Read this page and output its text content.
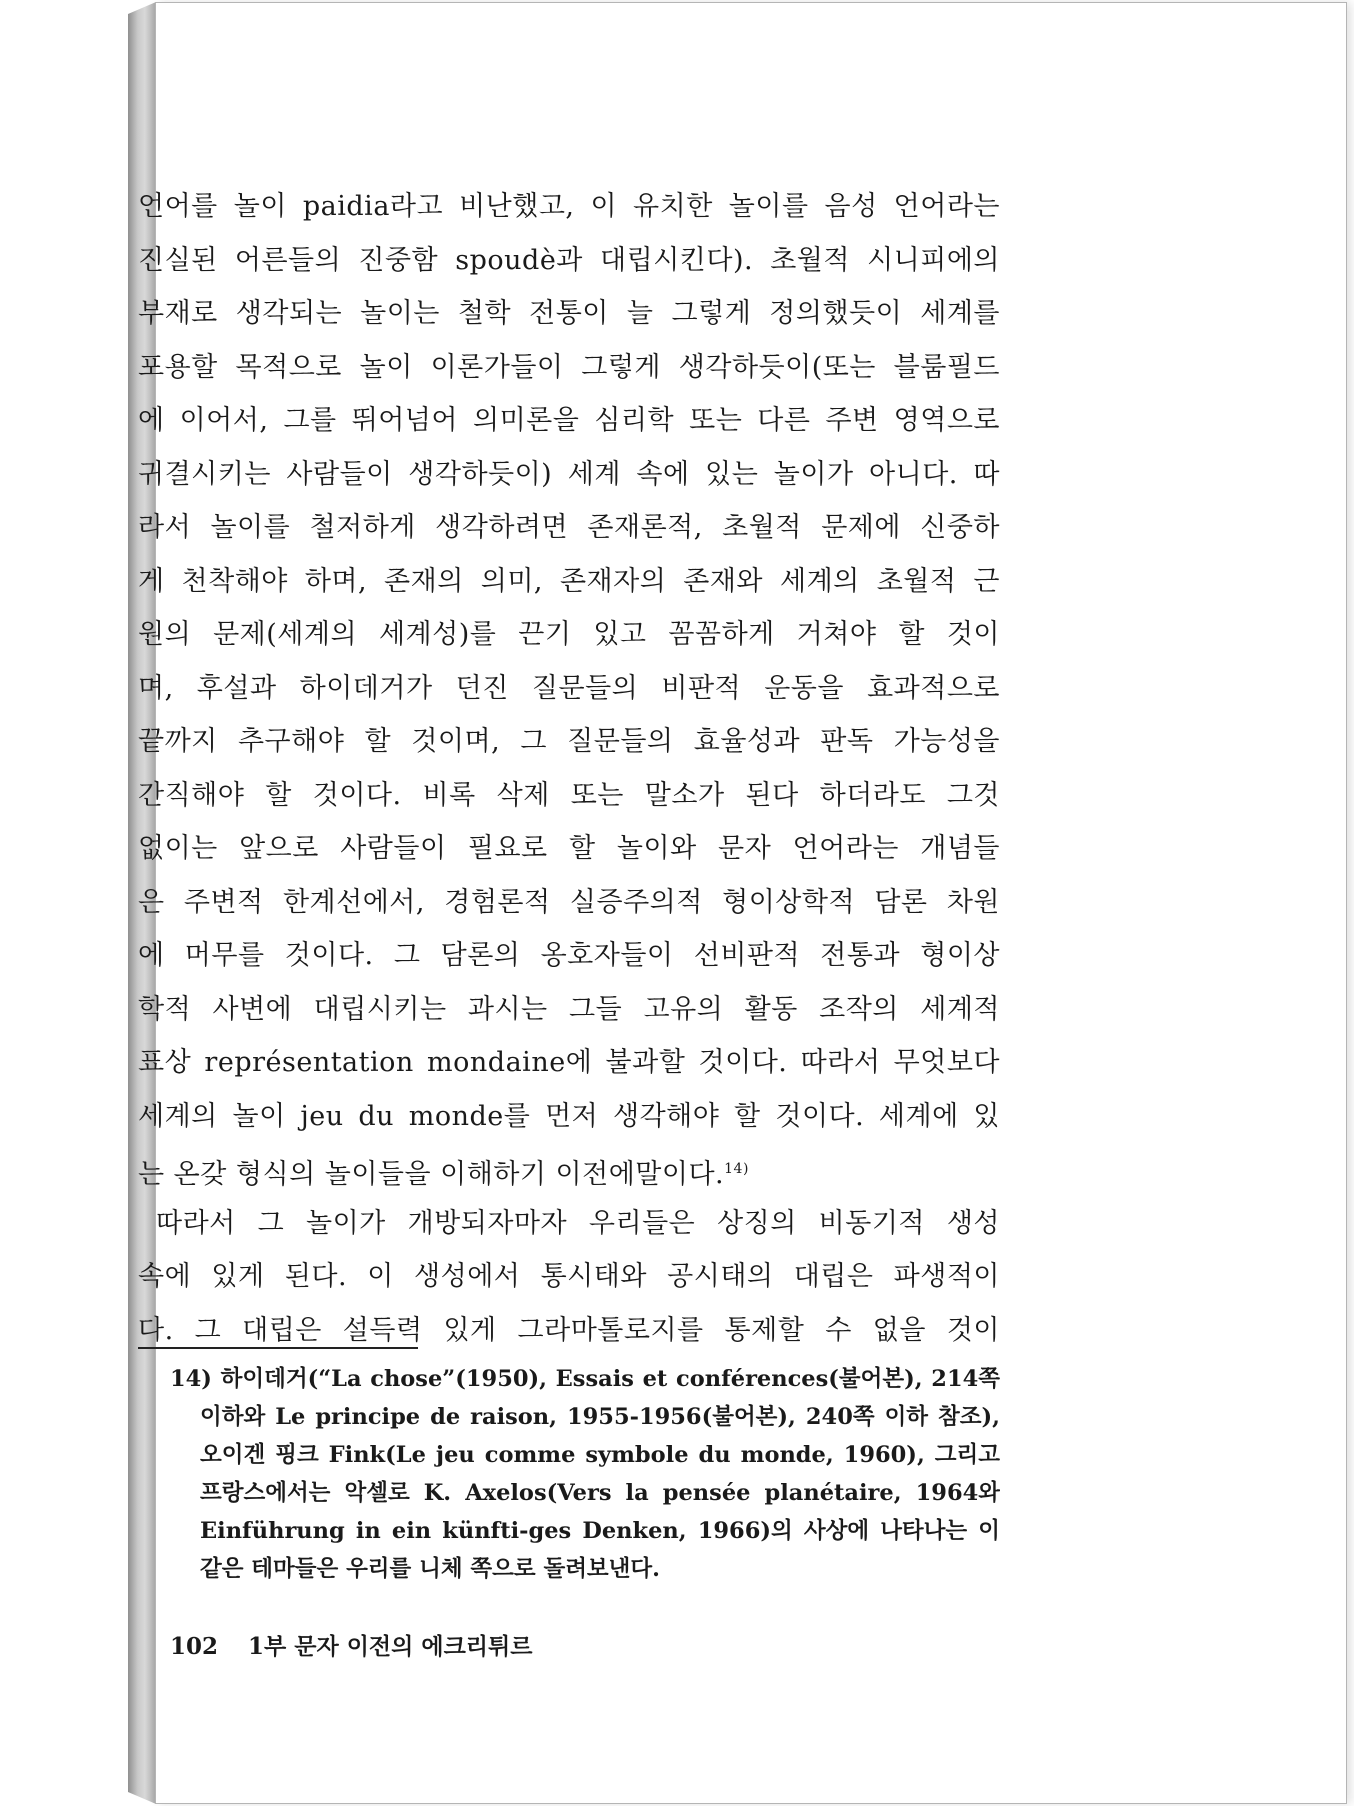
언어를 놀이 paidia라고 비난했고, 이 유치한 놀이를 음성 언어라는
진실된 어른들의 진중함 spoudè과 대립시킨다). 초월적 시니피에의
부재로 생각되는 놀이는 철학 전통이 늘 그렇게 정의했듯이 세계를
포용할 목적으로 놀이 이론가들이 그렇게 생각하듯이(또는 블룸필드
에 이어서, 그를 뛰어넘어 의미론을 심리학 또는 다른 주변 영역으로
귀결시키는 사람들이 생각하듯이) 세계 속에 있는 놀이가 아니다. 따
라서 놀이를 철저하게 생각하려면 존재론적, 초월적 문제에 신중하
게 천착해야 하며, 존재의 의미, 존재자의 존재와 세계의 초월적 근
원의 문제(세계의 세계성)를 끈기 있고 꼼꼼하게 거쳐야 할 것이
며, 후설과 하이데거가 던진 질문들의 비판적 운동을 효과적으로
끝까지 추구해야 할 것이며, 그 질문들의 효율성과 판독 가능성을
간직해야 할 것이다. 비록 삭제 또는 말소가 된다 하더라도 그것
없이는 앞으로 사람들이 필요로 할 놀이와 문자 언어라는 개념들
은 주변적 한계선에서, 경험론적 실증주의적 형이상학적 담론 차원
에 머무를 것이다. 그 담론의 옹호자들이 선비판적 전통과 형이상
학적 사변에 대립시키는 과시는 그들 고유의 활동 조작의 세계적
표상 représentation mondaine에 불과할 것이다. 따라서 무엇보다
세계의 놀이 jeu du monde를 먼저 생각해야 할 것이다. 세계에 있
는 온갖 형식의 놀이들을 이해하기 이전에말이다.$^{14)}$
따라서 그 놀이가 개방되자마자 우리들은 상징의 비동기적 생성
속에 있게 된다. 이 생성에서 통시태와 공시태의 대립은 파생적이
다. 그 대립은 설득력 있게 그라마톨로지를 통제할 수 없을 것이
14) 하이데거(“La chose”(1950), Essais et conférences(불어본), 214쪽
이하와 Le principe de raison, 1955-1956(불어본), 240쪽 이하 참조),
오이겐 핑크 Fink(Le jeu comme symbole du monde, 1960), 그리고
프랑스에서는 악셀로 K. Axelos(Vers la pensée planétaire, 1964와
Einführung in ein künfti-ges Denken, 1966)의 사상에 나타나는 이
같은 테마들은 우리를 니체 쪽으로 돌려보낸다.
102 1부 문자 이전의 에크리튀르
